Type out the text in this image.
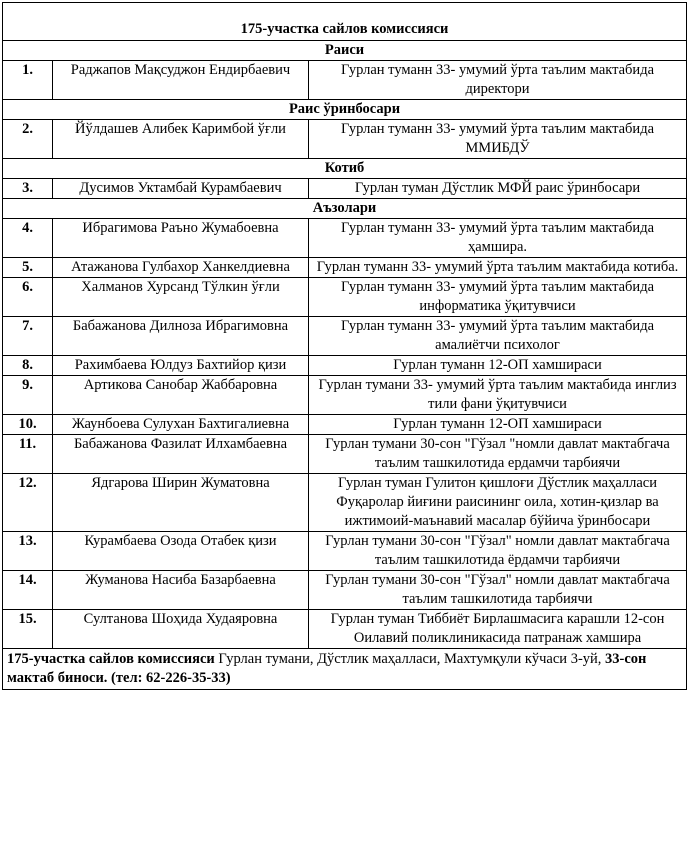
175-участка сайлов комиссияси		
Раиси		
1.	Раджапов Мақсуджон Ендирбаевич	Гурлан туманн 33- умумий ўрта таълим мактабида директори
Раис ўринбосари		
2.	Йўлдашев Алибек Каримбой ўғли	Гурлан туманн 33- умумий ўрта таълим мактабида ММИБДЎ
Котиб		
3.	Дусимов Уктамбай Курамбаевич	Гурлан туман Дўстлик МФЙ раис ўринбосари
Аъзолари		
4.	Ибрагимова Раъно Жумабоевна	Гурлан туманн 33- умумий ўрта таълим мактабида ҳамшира.
5.	Атажанова Гулбахор Ханкелдиевна	Гурлан туманн 33- умумий ўрта таълим мактабида котиба.
6.	Халманов Хурсанд Тўлкин ўғли	Гурлан туманн 33- умумий ўрта таълим мактабида информатика ўқитувчиси
7.	Бабажанова Дилноза Ибрагимовна	Гурлан туманн 33- умумий ўрта таълим мактабида амалиётчи психолог
8.	Рахимбаева Юлдуз Бахтийор қизи	Гурлан туманн 12-ОП хамшираси
9.	Артикова Санобар Жаббаровна	Гурлан тумани 33- умумий ўрта таълим мактабида инглиз тили фани ўқитувчиси
10.	Жаунбоева Сулухан Бахтигалиевна	Гурлан туманн 12-ОП хамшираси
11.	Бабажанова Фазилат Илхамбаевна	Гурлан тумани 30-сон "Гўзал "номли давлат мактабгача таълим ташкилотида ердамчи тарбиячи
12.	Ядгарова Ширин Жуматовна	Гурлан туман Гулитон қишлоғи Дўстлик маҳалласи Фуқаролар йиғини раисининг оила, хотин-қизлар ва ижтимоий-маънавий масалар бўйича ўринбосари
13.	Курамбаева Озода Отабек қизи	Гурлан тумани 30-сон "Гўзал" номли давлат мактабгача таълим ташкилотида ёрдамчи тарбиячи
14.	Жуманова Насиба Базарбаевна	Гурлан тумани 30-сон "Гўзал" номли давлат мактабгача таълим ташкилотида тарбиячи
15.	Султанова Шоҳида Худаяровна	Гурлан туман Тиббиёт Бирлашмасига карашли 12-сон Оилавий поликлиникасида патранаж хамшира
175-участка сайлов комиссияси Гурлан тумани, Дўстлик маҳалласи, Махтумқули кўчаси 3-уй, 33-сон мактаб биноси. (тел: 62-226-35-33)		
